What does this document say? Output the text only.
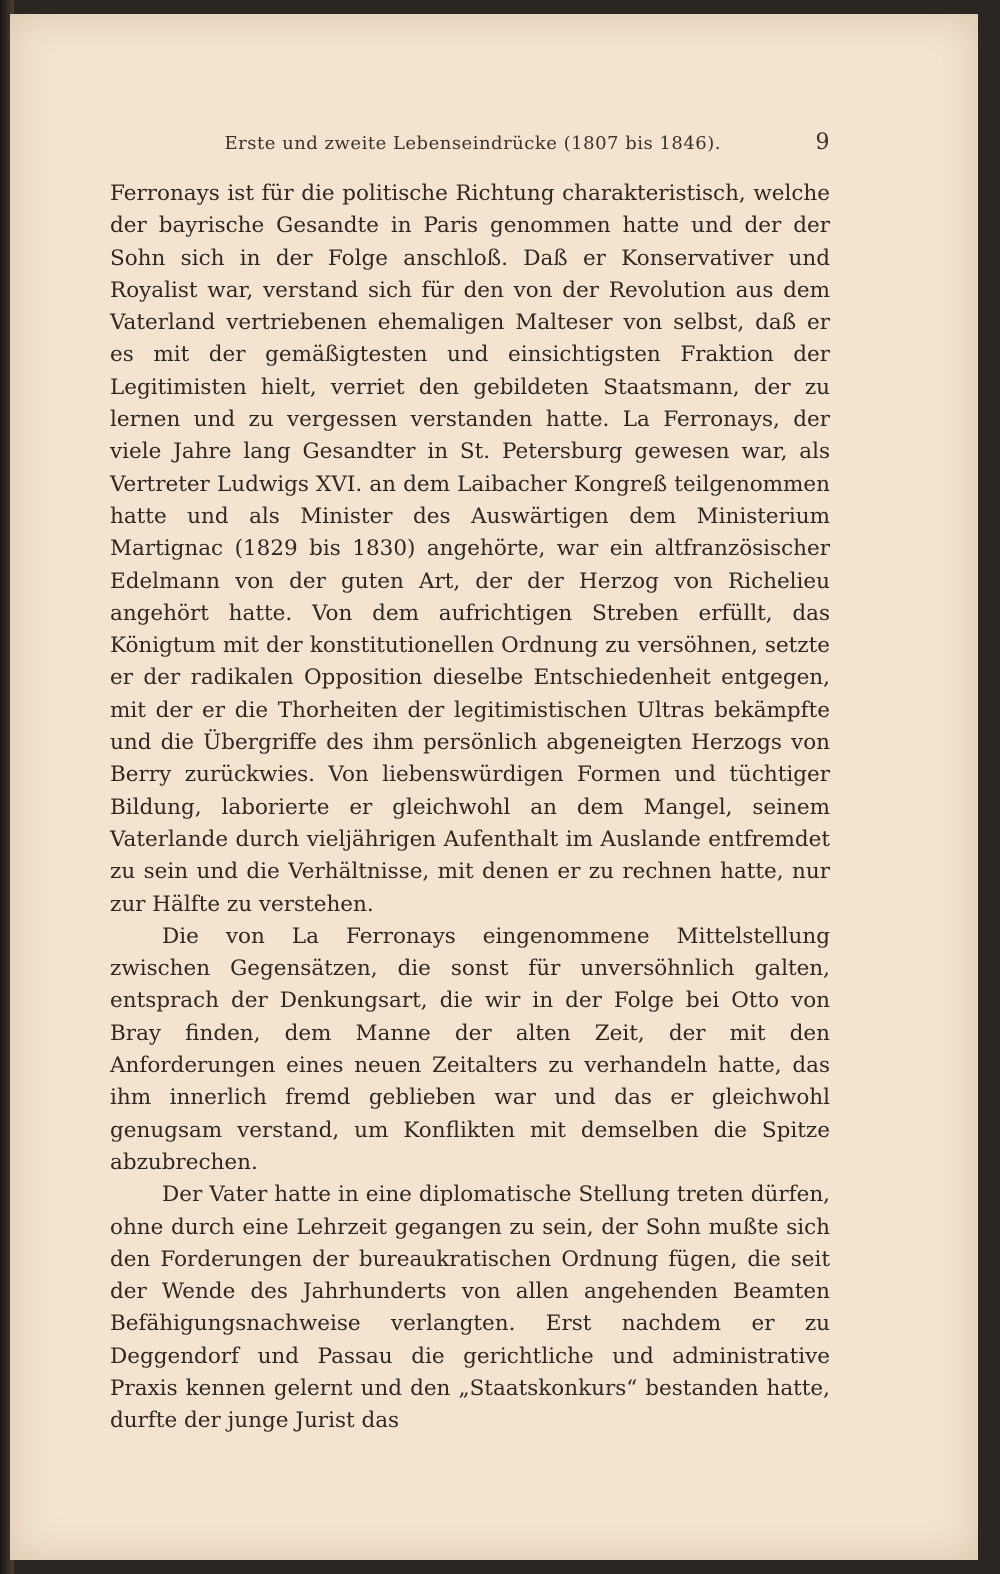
Erste und zweite Lebenseindrücke (1807 bis 1846).	9

Ferronays ist für die politische Richtung charakteristisch, welche der bayrische Gesandte in Paris genommen hatte und der der Sohn sich in der Folge anschloß. Daß er Konservativer und Royalist war, verstand sich für den von der Revolution aus dem Vaterland vertriebenen ehemaligen Malteser von selbst, daß er es mit der gemäßigtesten und einsichtigsten Fraktion der Legitimisten hielt, verriet den gebildeten Staatsmann, der zu lernen und zu vergessen verstanden hatte. La Ferronays, der viele Jahre lang Gesandter in St. Petersburg gewesen war, als Vertreter Ludwigs XVI. an dem Laibacher Kongreß teilgenommen hatte und als Minister des Auswärtigen dem Ministerium Martignac (1829 bis 1830) angehörte, war ein altfranzösischer Edelmann von der guten Art, der der Herzog von Richelieu angehört hatte. Von dem aufrichtigen Streben erfüllt, das Königtum mit der konstitutionellen Ordnung zu versöhnen, setzte er der radikalen Opposition dieselbe Entschiedenheit entgegen, mit der er die Thorheiten der legitimistischen Ultras bekämpfte und die Übergriffe des ihm persönlich abgeneigten Herzogs von Berry zurückwies. Von liebenswürdigen Formen und tüchtiger Bildung, laborierte er gleichwohl an dem Mangel, seinem Vaterlande durch vieljährigen Aufenthalt im Auslande entfremdet zu sein und die Verhältnisse, mit denen er zu rechnen hatte, nur zur Hälfte zu verstehen.

Die von La Ferronays eingenommene Mittelstellung zwischen Gegensätzen, die sonst für unversöhnlich galten, entsprach der Denkungsart, die wir in der Folge bei Otto von Bray finden, dem Manne der alten Zeit, der mit den Anforderungen eines neuen Zeitalters zu verhandeln hatte, das ihm innerlich fremd geblieben war und das er gleichwohl genugsam verstand, um Konflikten mit demselben die Spitze abzubrechen.

Der Vater hatte in eine diplomatische Stellung treten dürfen, ohne durch eine Lehrzeit gegangen zu sein, der Sohn mußte sich den Forderungen der bureaukratischen Ordnung fügen, die seit der Wende des Jahrhunderts von allen angehenden Beamten Befähigungsnachweise verlangten. Erst nachdem er zu Deggendorf und Passau die gerichtliche und administrative Praxis kennen gelernt und den „Staatskonkurs“ bestanden hatte, durfte der junge Jurist das
